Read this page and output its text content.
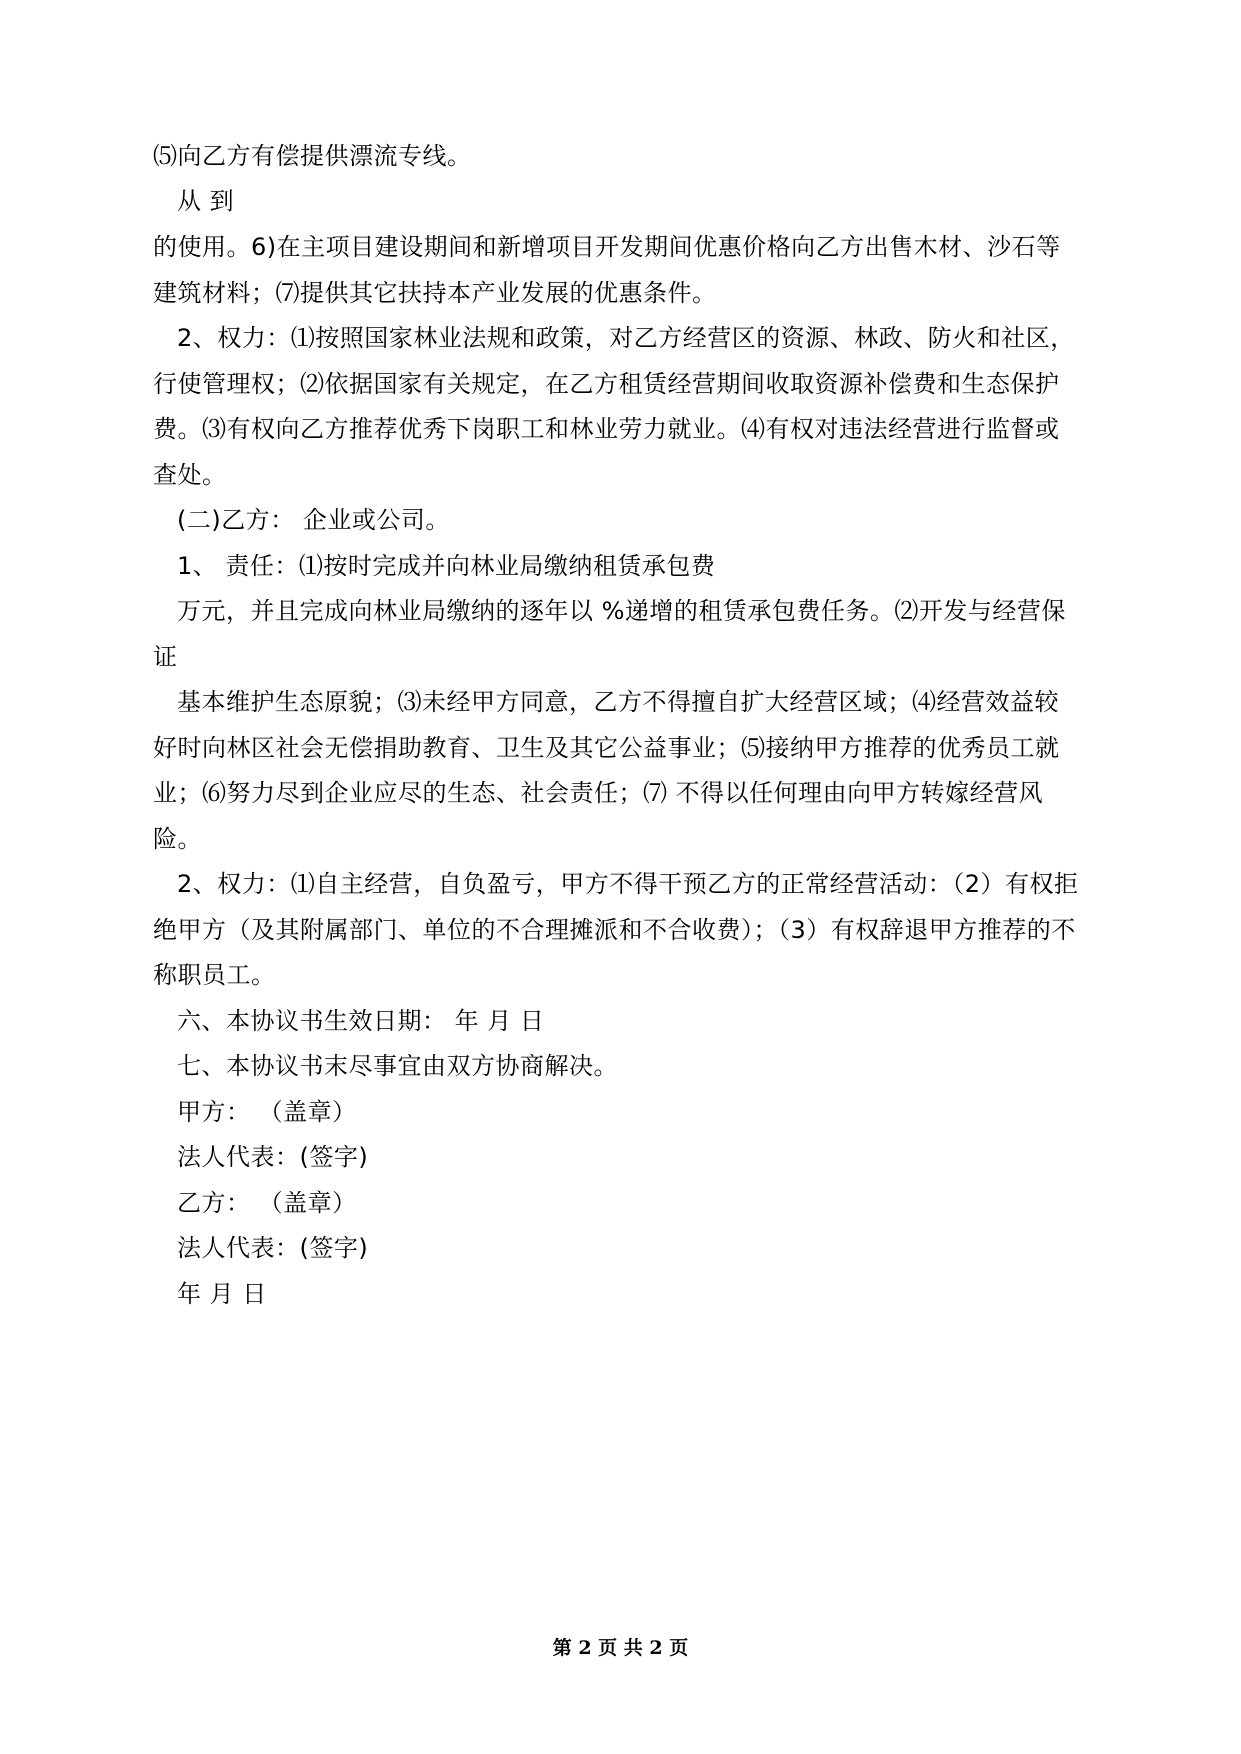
⑸向乙方有偿提供漂流专线。
从 到
的使用。6)在主项目建设期间和新增项目开发期间优惠价格向乙方出售木材、沙石等
建筑材料；⑺提供其它扶持本产业发展的优惠条件。
2、权力：⑴按照国家林业法规和政策，对乙方经营区的资源、林政、防火和社区，
行使管理权；⑵依据国家有关规定，在乙方租赁经营期间收取资源补偿费和生态保护
费。⑶有权向乙方推荐优秀下岗职工和林业劳力就业。⑷有权对违法经营进行监督或
查处。
(二)乙方： 企业或公司。
1、 责任：⑴按时完成并向林业局缴纳租赁承包费
万元，并且完成向林业局缴纳的逐年以 %递增的租赁承包费任务。⑵开发与经营保
证
基本维护生态原貌；⑶未经甲方同意，乙方不得擅自扩大经营区域；⑷经营效益较
好时向林区社会无偿捐助教育、卫生及其它公益事业；⑸接纳甲方推荐的优秀员工就
业；⑹努力尽到企业应尽的生态、社会责任；⑺ 不得以任何理由向甲方转嫁经营风
险。
2、权力：⑴自主经营，自负盈亏，甲方不得干预乙方的正常经营活动：（2）有权拒
绝甲方（及其附属部门、单位的不合理摊派和不合收费）；（3）有权辞退甲方推荐的不
称职员工。
六、本协议书生效日期： 年 月 日
七、本协议书末尽事宜由双方协商解决。
甲方： （盖章）
法人代表：(签字)
乙方： （盖章）
法人代表：(签字)
年 月 日
第 2 页 共 2 页
